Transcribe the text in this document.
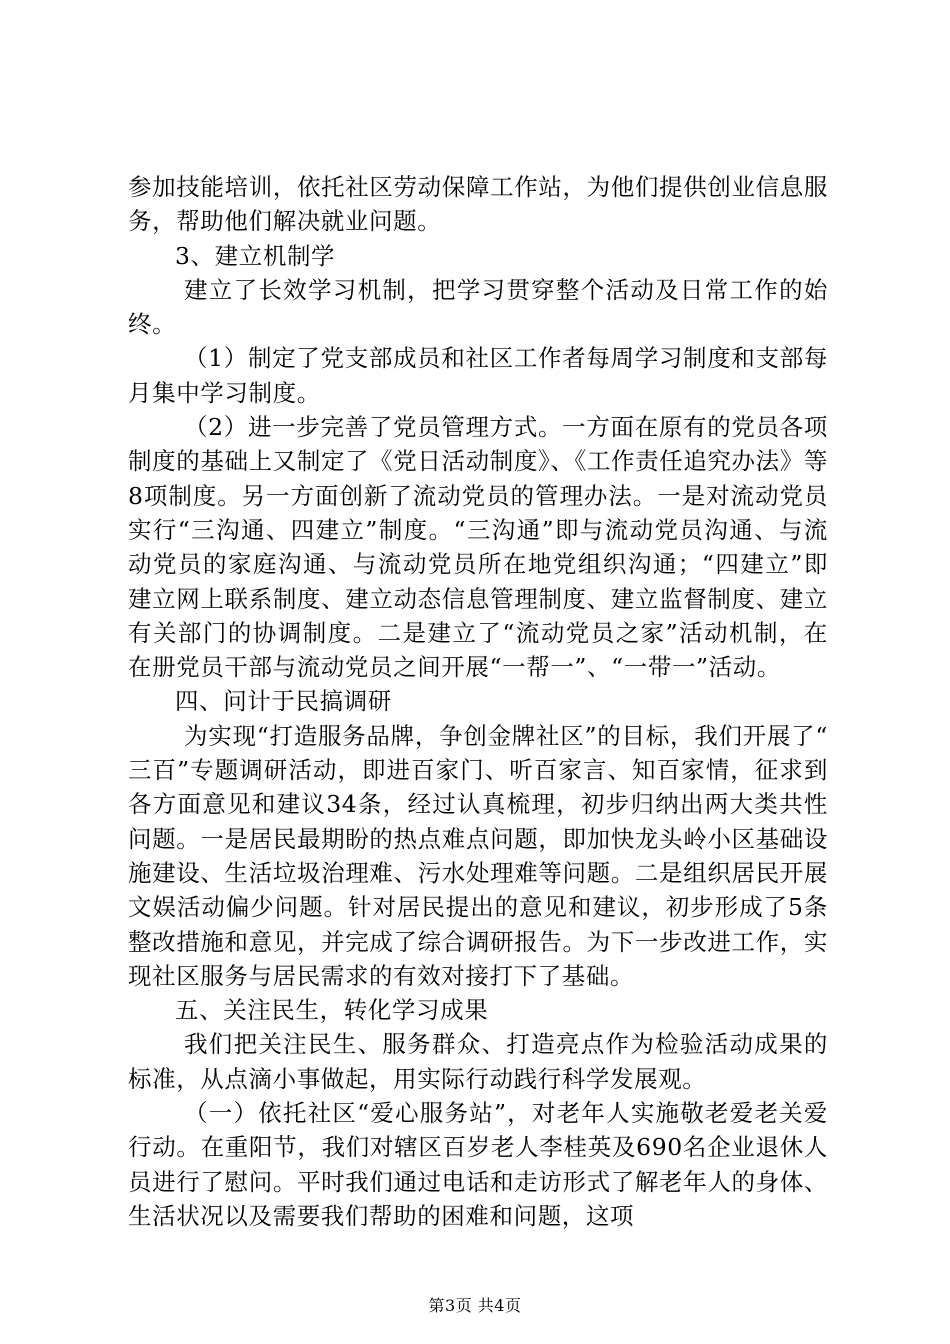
参加技能培训，依托社区劳动保障工作站，为他们提供创业信息服务，帮助他们解决就业问题。

3、建立机制学

建立了长效学习机制，把学习贯穿整个活动及日常工作的始终。

（1）制定了党支部成员和社区工作者每周学习制度和支部每月集中学习制度。

（2）进一步完善了党员管理方式。一方面在原有的党员各项制度的基础上又制定了《党日活动制度》、《工作责任追究办法》等8项制度。另一方面创新了流动党员的管理办法。一是对流动党员实行“三沟通、四建立”制度。“三沟通”即与流动党员沟通、与流动党员的家庭沟通、与流动党员所在地党组织沟通；“四建立”即建立网上联系制度、建立动态信息管理制度、建立监督制度、建立有关部门的协调制度。二是建立了“流动党员之家”活动机制，在在册党员干部与流动党员之间开展“一帮一”、“一带一”活动。

四、问计于民搞调研

为实现“打造服务品牌，争创金牌社区”的目标，我们开展了“三百”专题调研活动，即进百家门、听百家言、知百家情，征求到各方面意见和建议34条，经过认真梳理，初步归纳出两大类共性问题。一是居民最期盼的热点难点问题，即加快龙头岭小区基础设施建设、生活垃圾治理难、污水处理难等问题。二是组织居民开展文娱活动偏少问题。针对居民提出的意见和建议，初步形成了5条整改措施和意见，并完成了综合调研报告。为下一步改进工作，实现社区服务与居民需求的有效对接打下了基础。

五、关注民生，转化学习成果

我们把关注民生、服务群众、打造亮点作为检验活动成果的标准，从点滴小事做起，用实际行动践行科学发展观。

（一）依托社区“爱心服务站”，对老年人实施敬老爱老关爱行动。在重阳节，我们对辖区百岁老人李桂英及690名企业退休人员进行了慰问。平时我们通过电话和走访形式了解老年人的身体、生活状况以及需要我们帮助的困难和问题，这项

第3页 共4页
